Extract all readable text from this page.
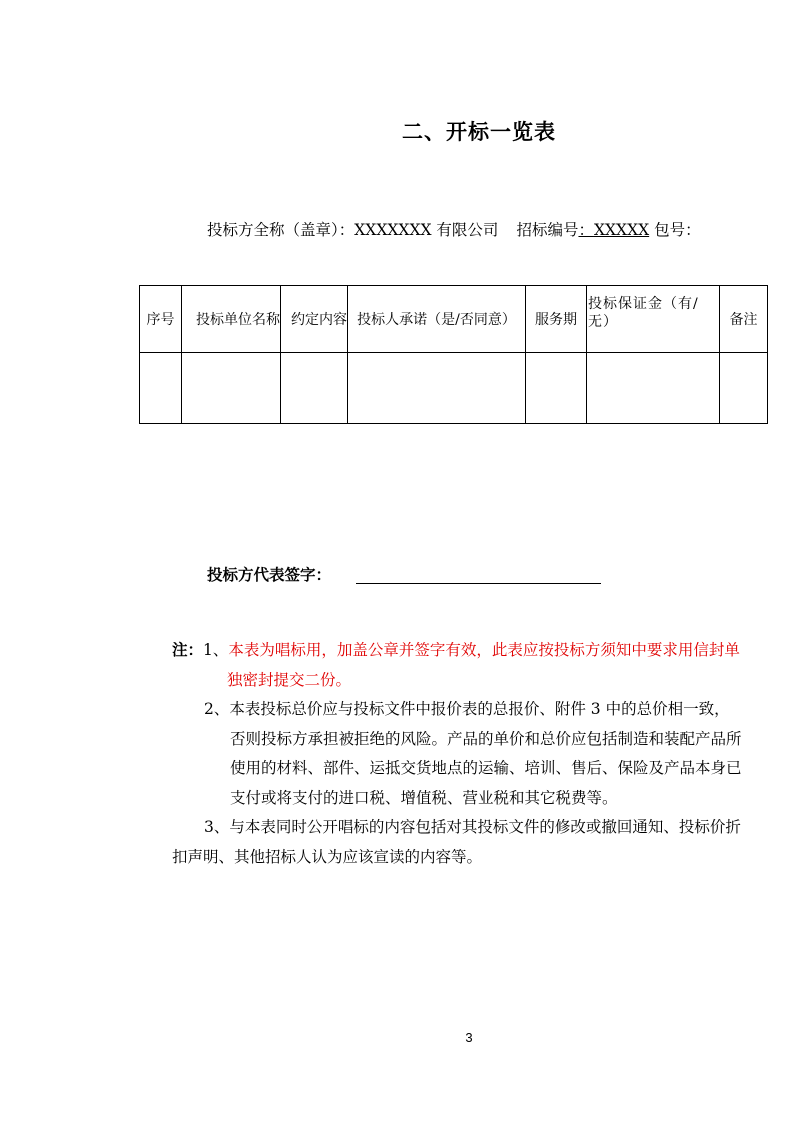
二、开标一览表
投标方全称（盖章）：XXXXXXX 有限公司 招标编号：XXXXX 包号：
序号	投标单位名称	约定内容	投标人承诺（是/否同意）	服务期	投标保证金（有/无）	备注

投标方代表签字：

注：1、本表为唱标用，加盖公章并签字有效，此表应按投标方须知中要求用信封单独密封提交二份。

2、本表投标总价应与投标文件中报价表的总报价、附件 3 中的总价相一致，否则投标方承担被拒绝的风险。产品的单价和总价应包括制造和装配产品所使用的材料、部件、运抵交货地点的运输、培训、售后、保险及产品本身已支付或将支付的进口税、增值税、营业税和其它税费等。

3、与本表同时公开唱标的内容包括对其投标文件的修改或撤回通知、投标价折扣声明、其他招标人认为应该宣读的内容等。

3
